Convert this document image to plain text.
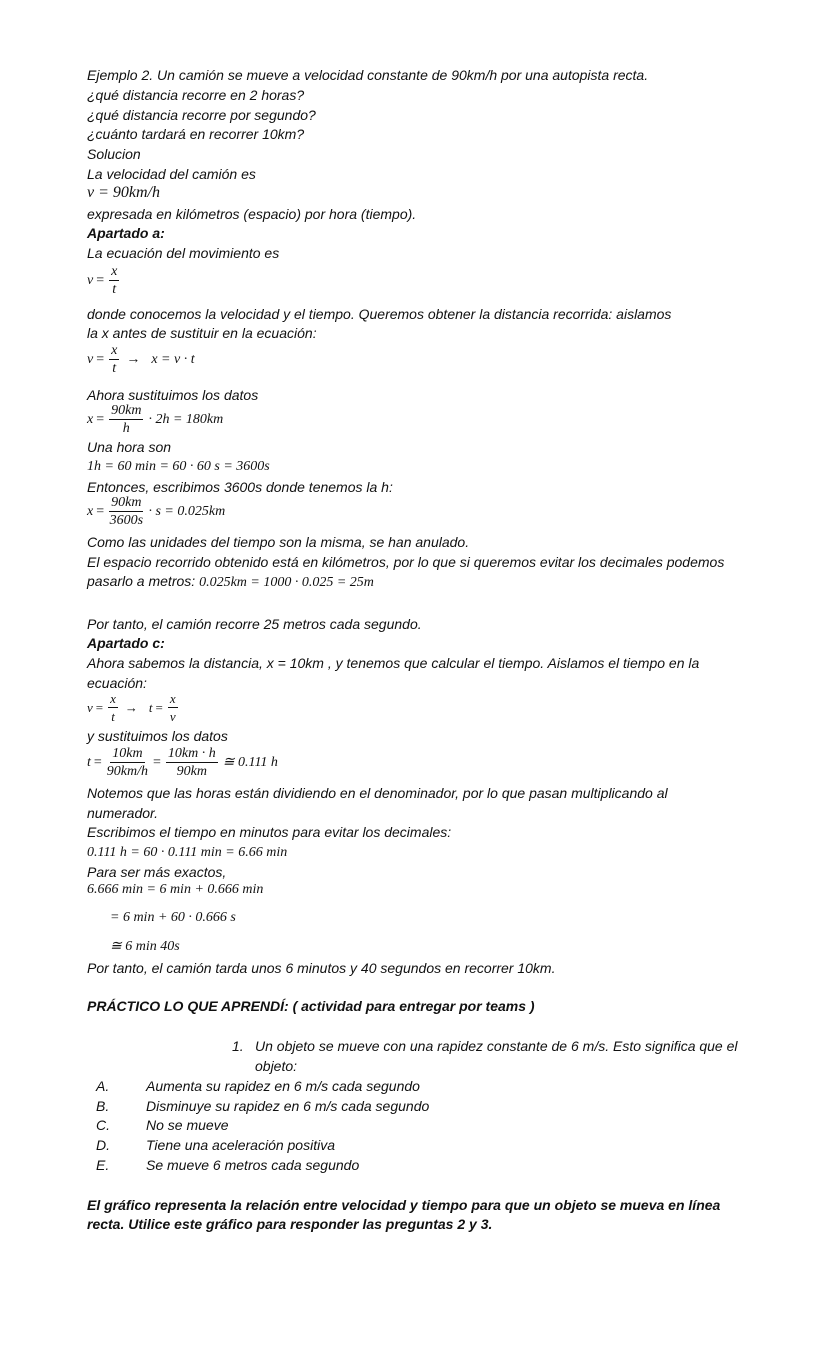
Ejemplo 2. Un camión se mueve a velocidad constante de 90km/h por una autopista recta.
¿qué distancia recorre en 2 horas?
¿qué distancia recorre por segundo?
¿cuánto tardará en recorrer 10km?
Solucion
La velocidad del camión es
v = 90km/h
expresada en kilómetros (espacio) por hora (tiempo).
Apartado a:
La ecuación del movimiento es
$v = \frac{x}{t}$
donde conocemos la velocidad y el tiempo. Queremos obtener la distancia recorrida: aislamos
la x antes de sustituir en la ecuación:
$v = \frac{x}{t} \to x = v \cdot t$
Ahora sustituimos los datos
$x = \frac{90km}{h} \cdot 2h = 180km$
Una hora son
1h = 60 min = 60 · 60 s = 3600s
Entonces, escribimos 3600s donde tenemos la h:
$x = \frac{90km}{3600s} \cdot s = 0.025km$
Como las unidades del tiempo son la misma, se han anulado.
El espacio recorrido obtenido está en kilómetros, por lo que si queremos evitar los decimales podemos
pasarlo a metros: 0.025km = 1000 · 0.025 = 25m
Por tanto, el camión recorre 25 metros cada segundo.
Apartado c:
Ahora sabemos la distancia, x = 10km , y tenemos que calcular el tiempo. Aislamos el tiempo en la
ecuación:
$v = \frac{x}{t} \to t = \frac{x}{v}$
y sustituimos los datos
$t = \frac{10km}{90km/h} = \frac{10km \cdot h}{90km}$ ≅ 0.111 h
Notemos que las horas están dividiendo en el denominador, por lo que pasan multiplicando al
numerador.
Escribimos el tiempo en minutos para evitar los decimales:
0.111 h = 60 · 0.111 min = 6.66 min
Para ser más exactos,
6.666 min = 6 min + 0.666 min
= 6 min + 60 · 0.666 s
≅ 6 min 40s
Por tanto, el camión tarda unos 6 minutos y 40 segundos en recorrer 10km.
PRÁCTICO LO QUE APRENDÍ: ( actividad para entregar por teams )
1. Un objeto se mueve con una rapidez constante de 6 m/s. Esto significa que el
objeto:
A.	Aumenta su rapidez en 6 m/s cada segundo
B.	Disminuye su rapidez en 6 m/s cada segundo
C.	No se mueve
D.	Tiene una aceleración positiva
E.	Se mueve 6 metros cada segundo
El gráfico representa la relación entre velocidad y tiempo para que un objeto se mueva en línea
recta. Utilice este gráfico para responder las preguntas 2 y 3.
